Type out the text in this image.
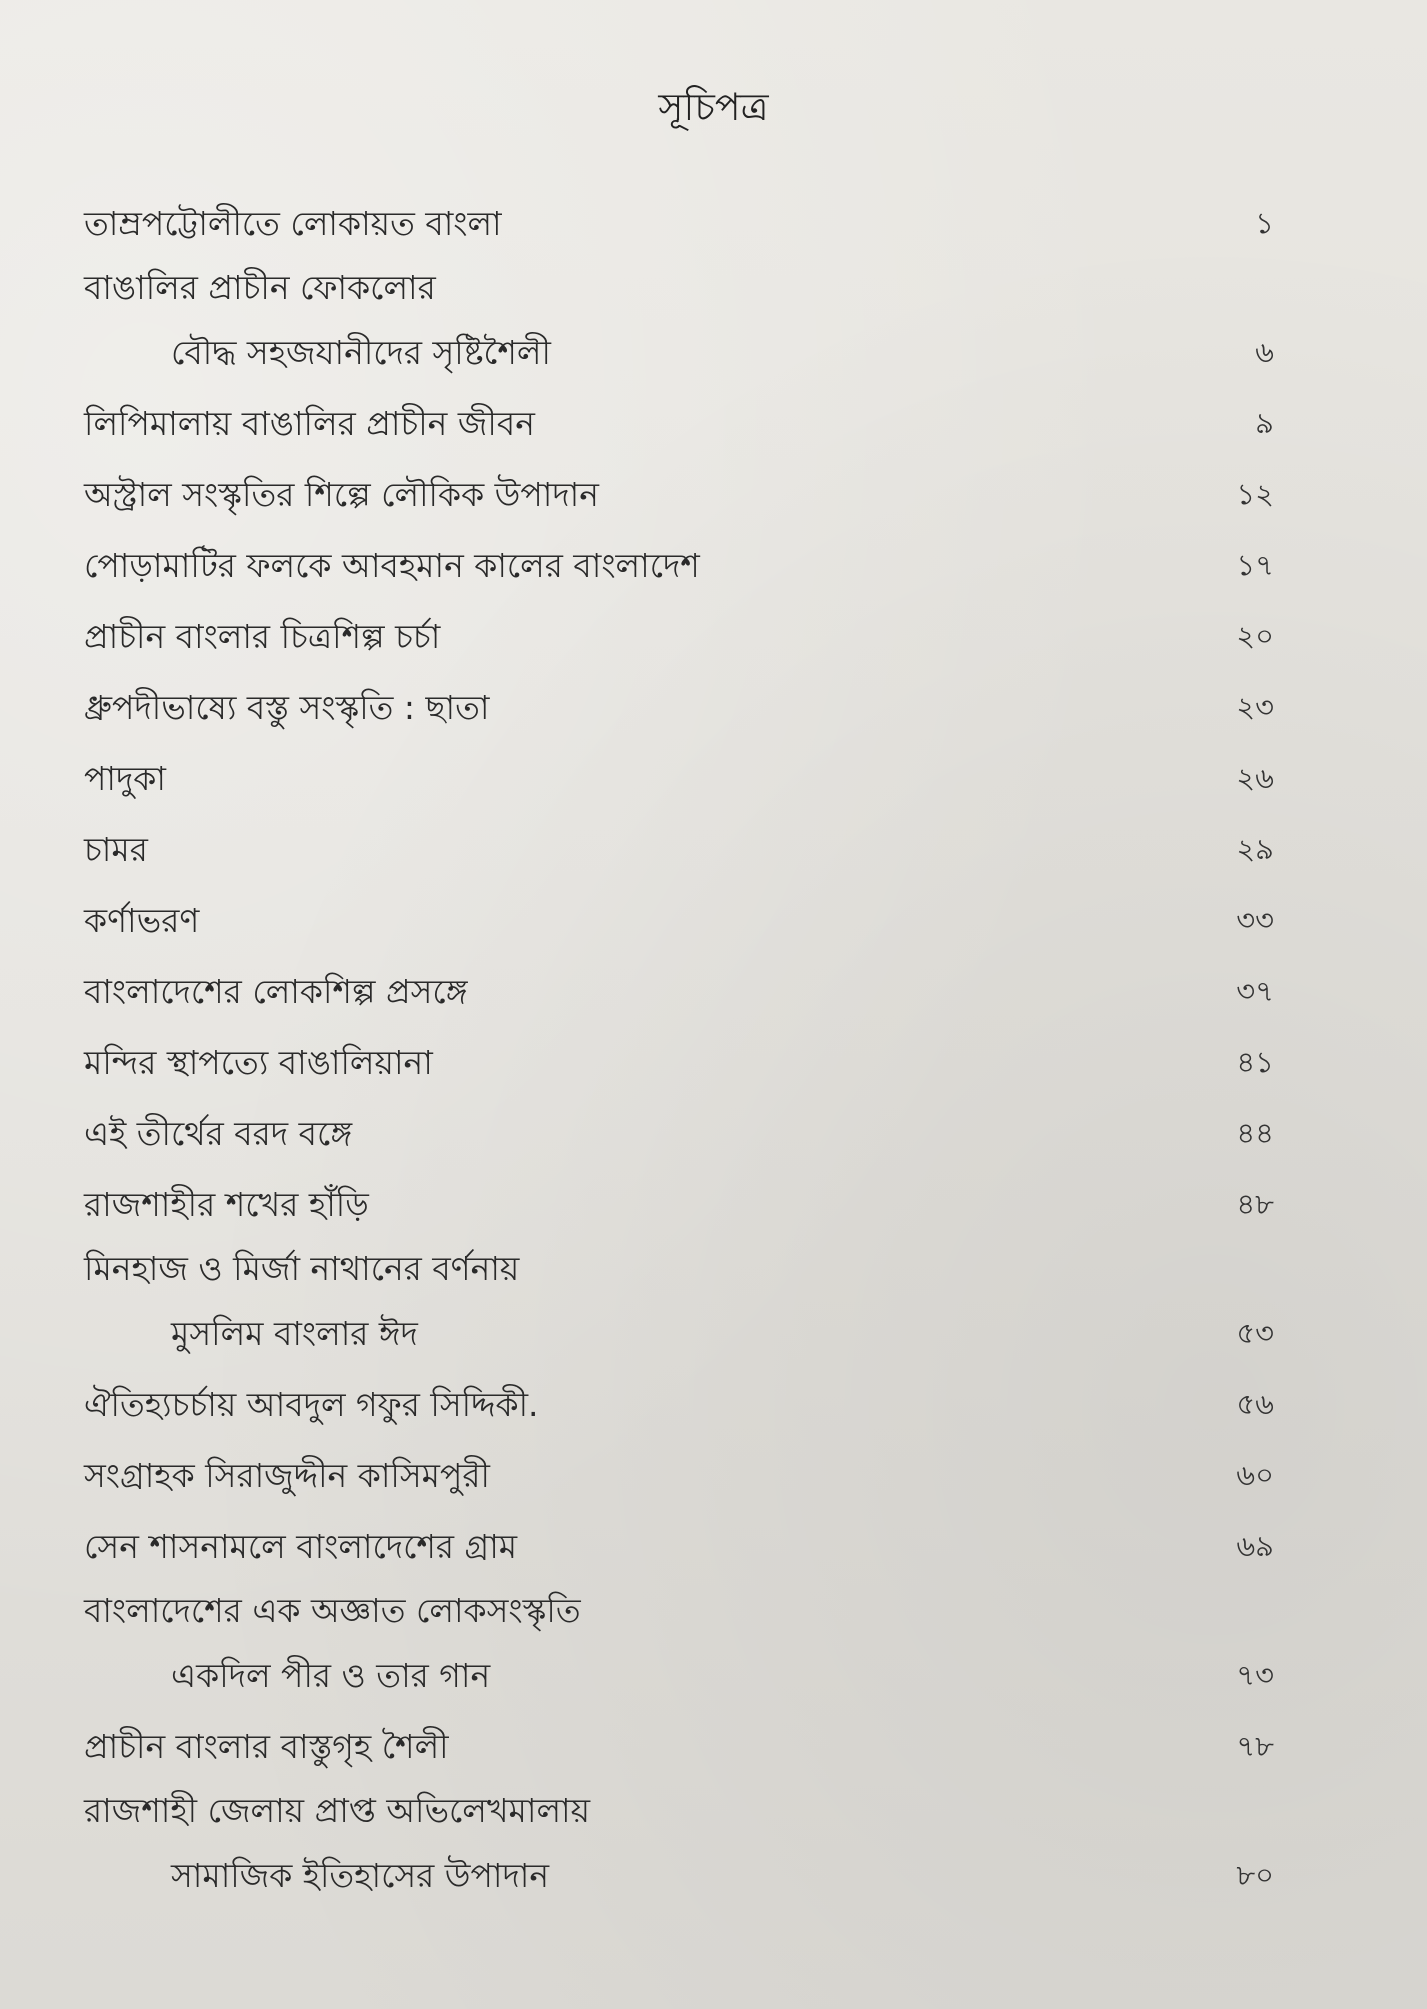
সূচিপত্র
তাম্রপট্টোলীতে লোকায়ত বাংলা	১
বাঙালির প্রাচীন ফোকলোর
বৌদ্ধ সহজযানীদের সৃষ্টিশৈলী	৬
লিপিমালায় বাঙালির প্রাচীন জীবন	৯
অস্ট্রাল সংস্কৃতির শিল্পে লৌকিক উপাদান	১২
পোড়ামাটির ফলকে আবহমান কালের বাংলাদেশ	১৭
প্রাচীন বাংলার চিত্রশিল্প চর্চা	২০
ধ্রুপদীভাষ্যে বস্তু সংস্কৃতি : ছাতা	২৩
পাদুকা	২৬
চামর	২৯
কর্ণাভরণ	৩৩
বাংলাদেশের লোকশিল্প প্রসঙ্গে	৩৭
মন্দির স্থাপত্যে বাঙালিয়ানা	৪১
এই তীর্থের বরদ বঙ্গে	৪৪
রাজশাহীর শখের হাঁড়ি	৪৮
মিনহাজ ও মির্জা নাথানের বর্ণনায়
মুসলিম বাংলার ঈদ	৫৩
ঐতিহ্যচর্চায় আবদুল গফুর সিদ্দিকী.	৫৬
সংগ্রাহক সিরাজুদ্দীন কাসিমপুরী	৬০
সেন শাসনামলে বাংলাদেশের গ্রাম	৬৯
বাংলাদেশের এক অজ্ঞাত লোকসংস্কৃতি
একদিল পীর ও তার গান	৭৩
প্রাচীন বাংলার বাস্তুগৃহ শৈলী	৭৮
রাজশাহী জেলায় প্রাপ্ত অভিলেখমালায়
সামাজিক ইতিহাসের উপাদান	৮০
